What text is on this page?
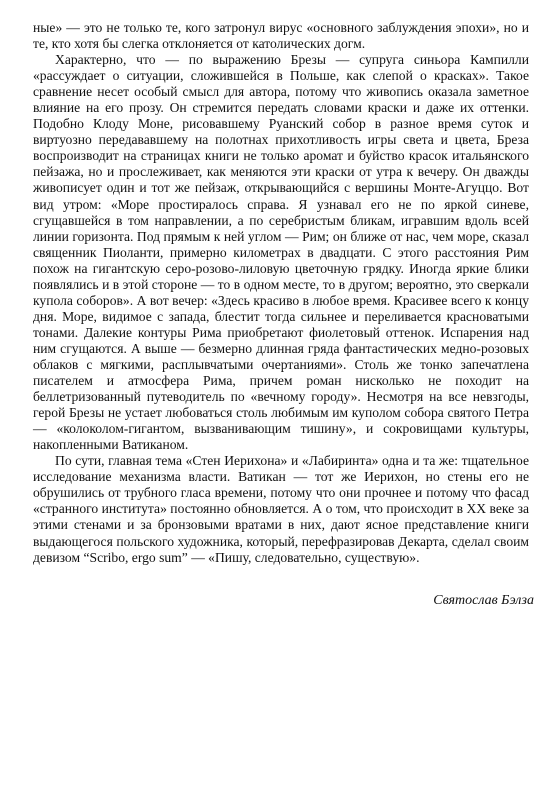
ные» — это не только те, кого затронул вирус «основного заблуждения эпохи», но и те, кто хотя бы слегка отклоняется от католических догм.

Характерно, что — по выражению Брезы — супруга синьора Кампилли «рассуждает о ситуации, сложившейся в Польше, как слепой о красках». Такое сравнение несет особый смысл для автора, потому что живопись оказала заметное влияние на его прозу. Он стремится передать словами краски и даже их оттенки. Подобно Клоду Моне, рисовавшему Руанский собор в разное время суток и виртуозно передававшему на полотнах прихотливость игры света и цвета, Бреза воспроизводит на страницах книги не только аромат и буйство красок итальянского пейзажа, но и прослеживает, как меняются эти краски от утра к вечеру. Он дважды живописует один и тот же пейзаж, открывающийся с вершины Монте-Агуццо. Вот вид утром: «Море простиралось справа. Я узнавал его не по яркой синеве, сгущавшейся в том направлении, а по серебристым бликам, игравшим вдоль всей линии горизонта. Под прямым к ней углом — Рим; он ближе от нас, чем море, сказал священник Пиоланти, примерно километрах в двадцати. С этого расстояния Рим похож на гигантскую серо-розово-лиловую цветочную грядку. Иногда яркие блики появлялись и в этой стороне — то в одном месте, то в другом; вероятно, это сверкали купола соборов». А вот вечер: «Здесь красиво в любое время. Красивее всего к концу дня. Море, видимое с запада, блестит тогда сильнее и переливается красноватыми тонами. Далекие контуры Рима приобретают фиолетовый оттенок. Испарения над ним сгущаются. А выше — безмерно длинная гряда фантастических медно-розовых облаков с мягкими, расплывчатыми очертаниями». Столь же тонко запечатлена писателем и атмосфера Рима, причем роман нисколько не походит на беллетризованный путеводитель по «вечному городу». Несмотря на все невзгоды, герой Брезы не устает любоваться столь любимым им куполом собора святого Петра — «колоколом-гигантом, вызванивающим тишину», и сокровищами культуры, накопленными Ватиканом.

По сути, главная тема «Стен Иерихона» и «Лабиринта» одна и та же: тщательное исследование механизма власти. Ватикан — тот же Иерихон, но стены его не обрушились от трубного гласа времени, потому что они прочнее и потому что фасад «странного института» постоянно обновляется. А о том, что происходит в XX веке за этими стенами и за бронзовыми вратами в них, дают ясное представление книги выдающегося польского художника, который, перефразировав Декарта, сделал своим девизом “Scribo, ergo sum” — «Пишу, следовательно, существую».

Святослав Бэлза
